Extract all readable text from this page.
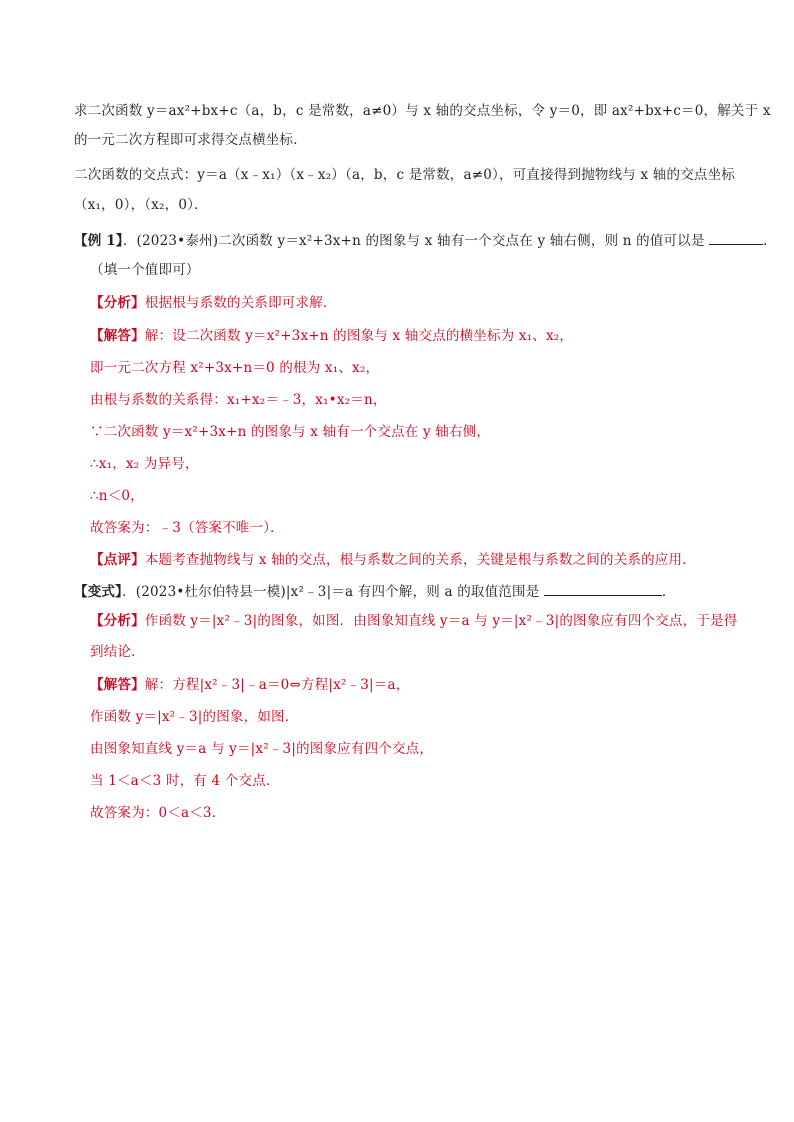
求二次函数 y＝ax²+bx+c（a，b，c 是常数，a≠0）与 x 轴的交点坐标，令 y＝0，即 ax²+bx+c＝0，解关于 x
的一元二次方程即可求得交点横坐标．
二次函数的交点式：y＝a（x﹣x₁）（x﹣x₂）（a，b，c 是常数，a≠0），可直接得到抛物线与 x 轴的交点坐标
（x₁，0），（x₂，0）．
【例 1】．(2023•泰州)二次函数 y＝x²+3x+n 的图象与 x 轴有一个交点在 y 轴右侧，则 n 的值可以是	.
（填一个值即可）
【分析】根据根与系数的关系即可求解．
【解答】解：设二次函数 y＝x²+3x+n 的图象与 x 轴交点的横坐标为 x₁、x₂，
即一元二次方程 x²+3x+n＝0 的根为 x₁、x₂，
由根与系数的关系得：x₁+x₂＝﹣3，x₁•x₂＝n，
∵二次函数 y＝x²+3x+n 的图象与 x 轴有一个交点在 y 轴右侧，
∴x₁，x₂ 为异号，
∴n＜0，
故答案为：﹣3（答案不唯一）．
【点评】本题考查抛物线与 x 轴的交点，根与系数之间的关系，关键是根与系数之间的关系的应用．
【变式】．(2023•杜尔伯特县一模)|x²﹣3|＝a 有四个解，则 a 的取值范围是	.
【分析】作函数 y＝|x²﹣3|的图象，如图．由图象知直线 y＝a 与 y＝|x²﹣3|的图象应有四个交点，于是得
到结论．
【解答】解：方程|x²﹣3|﹣a＝0⇔方程|x²﹣3|＝a，
作函数 y＝|x²﹣3|的图象，如图．
由图象知直线 y＝a 与 y＝|x²﹣3|的图象应有四个交点，
当 1＜a＜3 时，有 4 个交点．
故答案为：0＜a＜3．
